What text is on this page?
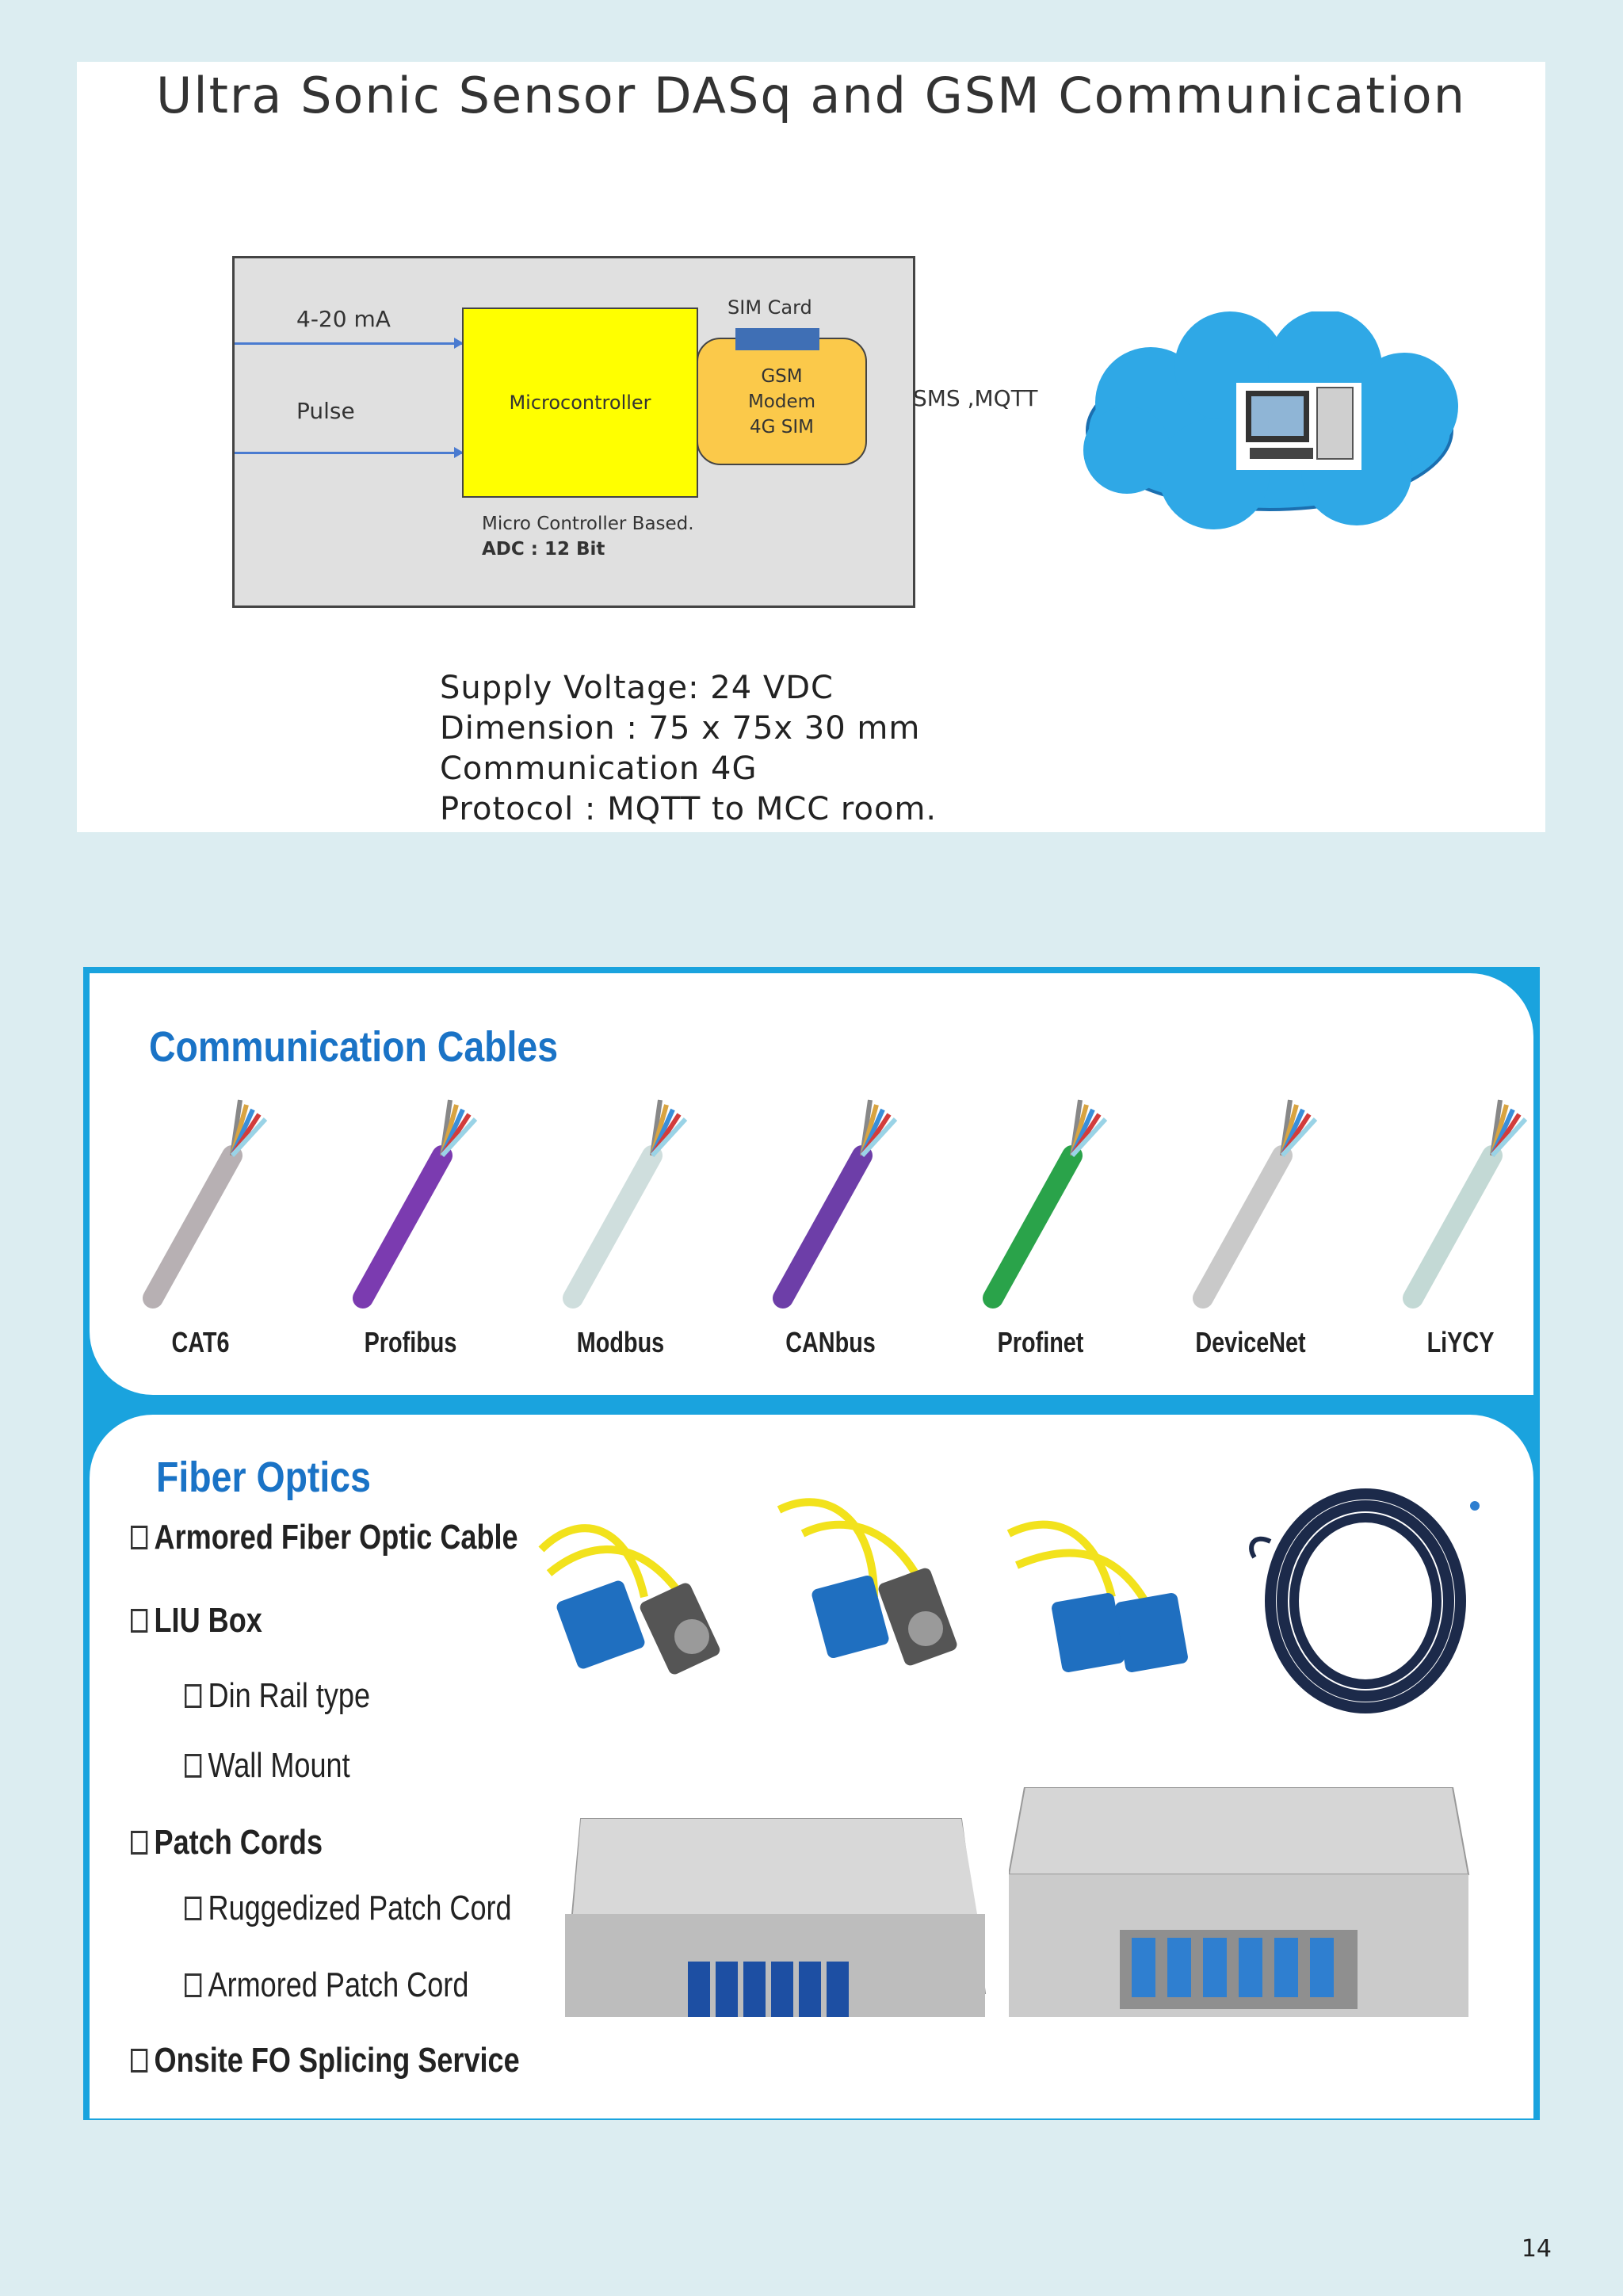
Ultra Sonic Sensor DASq and GSM Communication
4-20 mA
Pulse	Microcontroller
SIM Card
GSM
Modem
4G SIM
Micro Controller Based.
ADC : 12 Bit
SMS ,MQTT
Supply Voltage: 24 VDC
Dimension : 75 x 75x 30 mm
Communication 4G
Protocol : MQTT to MCC room.
Communication Cables
CAT6	Profibus	Modbus	CANbus	Profinet	DeviceNet	LiYCY
Fiber Optics
Armored Fiber Optic Cable
LIU Box
Din Rail type
Wall Mount
Patch Cords
Ruggedized Patch Cord
Armored Patch Cord
Onsite FO Splicing Service
14
